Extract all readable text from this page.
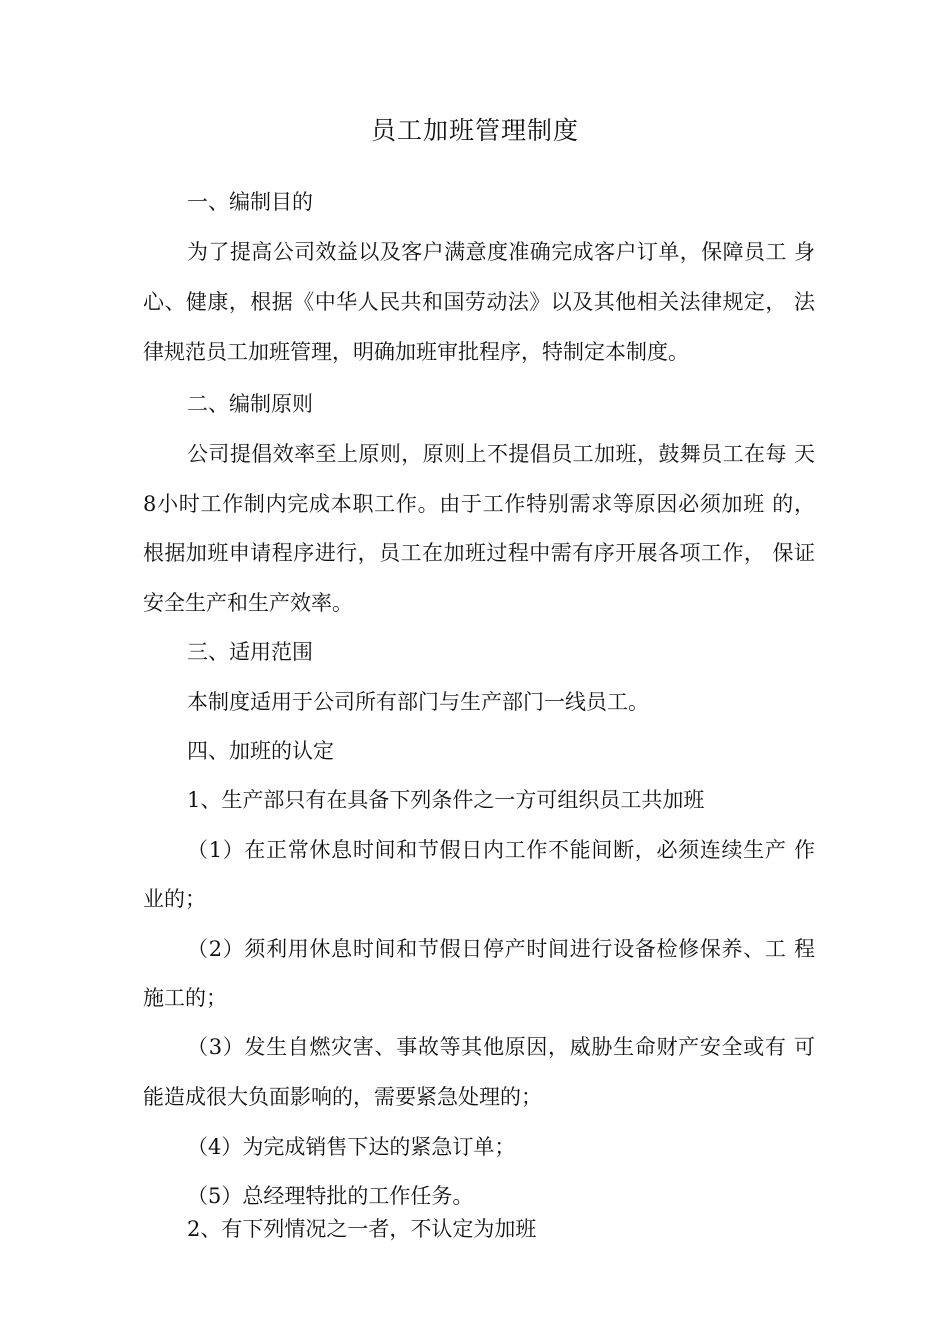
员工加班管理制度

一、编制目的

为了提高公司效益以及客户满意度准确完成客户订单，保障员工 身

心、健康，根据《中华人民共和国劳动法》以及其他相关法律规定， 法

律规范员工加班管理，明确加班审批程序，特制定本制度。

二、编制原则

公司提倡效率至上原则，原则上不提倡员工加班，鼓舞员工在每 天

8小时工作制内完成本职工作。由于工作特别需求等原因必须加班 的，

根据加班申请程序进行，员工在加班过程中需有序开展各项工作， 保证

安全生产和生产效率。

三、适用范围

本制度适用于公司所有部门与生产部门一线员工。

四、加班的认定

1、生产部只有在具备下列条件之一方可组织员工共加班

（1）在正常休息时间和节假日内工作不能间断，必须连续生产 作

业的；

（2）须利用休息时间和节假日停产时间进行设备检修保养、工 程

施工的；

（3）发生自燃灾害、事故等其他原因，威胁生命财产安全或有 可

能造成很大负面影响的，需要紧急处理的；

（4）为完成销售下达的紧急订单；

（5）总经理特批的工作任务。

2、有下列情况之一者，不认定为加班
